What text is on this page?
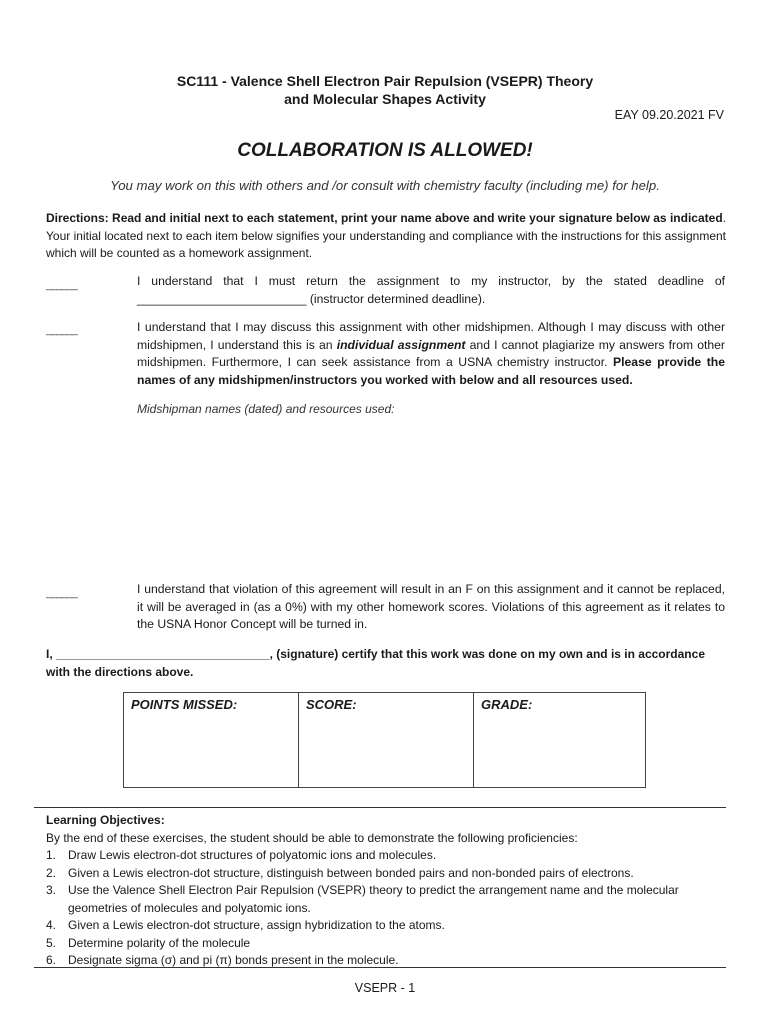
SC111 - Valence Shell Electron Pair Repulsion (VSEPR) Theory
and Molecular Shapes Activity
EAY 09.20.2021 FV
COLLABORATION IS ALLOWED!
You may work on this with others and /or consult with chemistry faculty (including me) for help.
Directions: Read and initial next to each statement, print your name above and write your signature below as indicated. Your initial located next to each item below signifies your understanding and compliance with the instructions for this assignment which will be counted as a homework assignment.
______	I understand that I must return the assignment to my instructor, by the stated deadline of _________________________ (instructor determined deadline).
______	I understand that I may discuss this assignment with other midshipmen. Although I may discuss with other midshipmen, I understand this is an individual assignment and I cannot plagiarize my answers from other midshipmen. Furthermore, I can seek assistance from a USNA chemistry instructor. Please provide the names of any midshipmen/instructors you worked with below and all resources used.
Midshipman names (dated) and resources used:
______	I understand that violation of this agreement will result in an F on this assignment and it cannot be replaced, it will be averaged in (as a 0%) with my other homework scores. Violations of this agreement as it relates to the USNA Honor Concept will be turned in.
I, ________________________________, (signature) certify that this work was done on my own and is in accordance with the directions above.
POINTS MISSED:	SCORE:	GRADE:
Learning Objectives:
By the end of these exercises, the student should be able to demonstrate the following proficiencies:
1. Draw Lewis electron-dot structures of polyatomic ions and molecules.
2. Given a Lewis electron-dot structure, distinguish between bonded pairs and non-bonded pairs of electrons.
3. Use the Valence Shell Electron Pair Repulsion (VSEPR) theory to predict the arrangement name and the molecular geometries of molecules and polyatomic ions.
4. Given a Lewis electron-dot structure, assign hybridization to the atoms.
5. Determine polarity of the molecule
6. Designate sigma (σ) and pi (π) bonds present in the molecule.
VSEPR - 1
